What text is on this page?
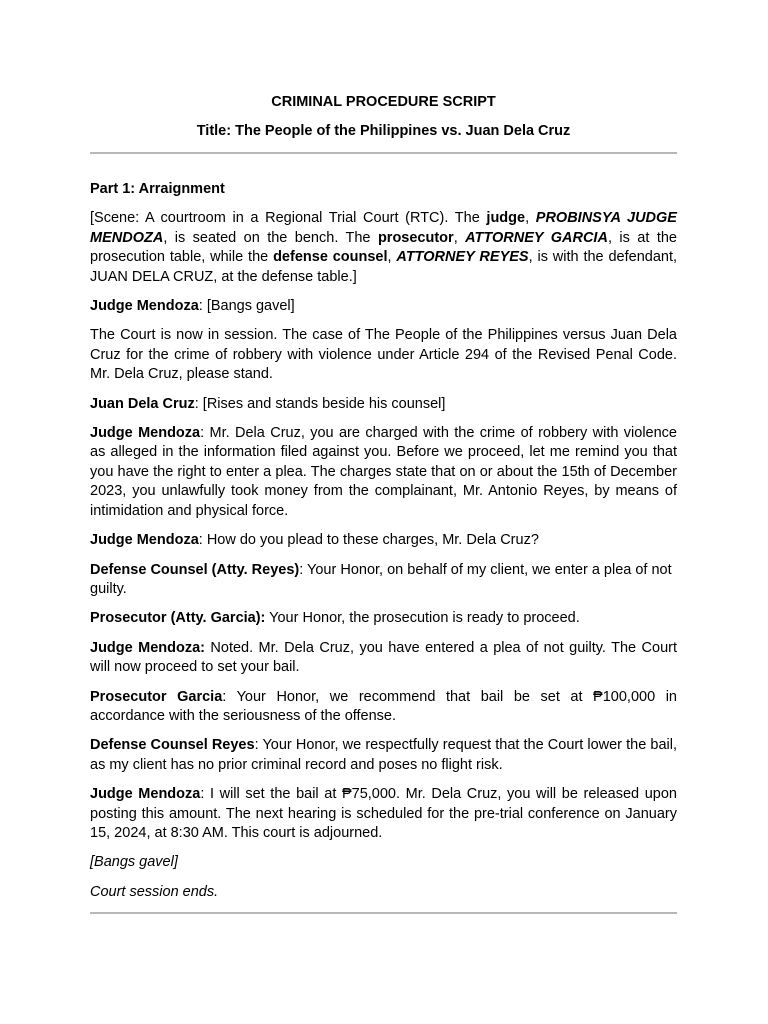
CRIMINAL PROCEDURE SCRIPT
Title: The People of the Philippines vs. Juan Dela Cruz

Part 1: Arraignment

[Scene: A courtroom in a Regional Trial Court (RTC). The judge, PROBINSYA JUDGE MENDOZA, is seated on the bench. The prosecutor, ATTORNEY GARCIA, is at the prosecution table, while the defense counsel, ATTORNEY REYES, is with the defendant, JUAN DELA CRUZ, at the defense table.]

Judge Mendoza: [Bangs gavel]

The Court is now in session. The case of The People of the Philippines versus Juan Dela Cruz for the crime of robbery with violence under Article 294 of the Revised Penal Code. Mr. Dela Cruz, please stand.

Juan Dela Cruz: [Rises and stands beside his counsel]

Judge Mendoza: Mr. Dela Cruz, you are charged with the crime of robbery with violence as alleged in the information filed against you. Before we proceed, let me remind you that you have the right to enter a plea. The charges state that on or about the 15th of December 2023, you unlawfully took money from the complainant, Mr. Antonio Reyes, by means of intimidation and physical force.

Judge Mendoza: How do you plead to these charges, Mr. Dela Cruz?

Defense Counsel (Atty. Reyes): Your Honor, on behalf of my client, we enter a plea of not guilty.

Prosecutor (Atty. Garcia): Your Honor, the prosecution is ready to proceed.

Judge Mendoza: Noted. Mr. Dela Cruz, you have entered a plea of not guilty. The Court will now proceed to set your bail.

Prosecutor Garcia: Your Honor, we recommend that bail be set at ₱100,000 in accordance with the seriousness of the offense.

Defense Counsel Reyes: Your Honor, we respectfully request that the Court lower the bail, as my client has no prior criminal record and poses no flight risk.

Judge Mendoza: I will set the bail at ₱75,000. Mr. Dela Cruz, you will be released upon posting this amount. The next hearing is scheduled for the pre-trial conference on January 15, 2024, at 8:30 AM. This court is adjourned.

[Bangs gavel]

Court session ends.
